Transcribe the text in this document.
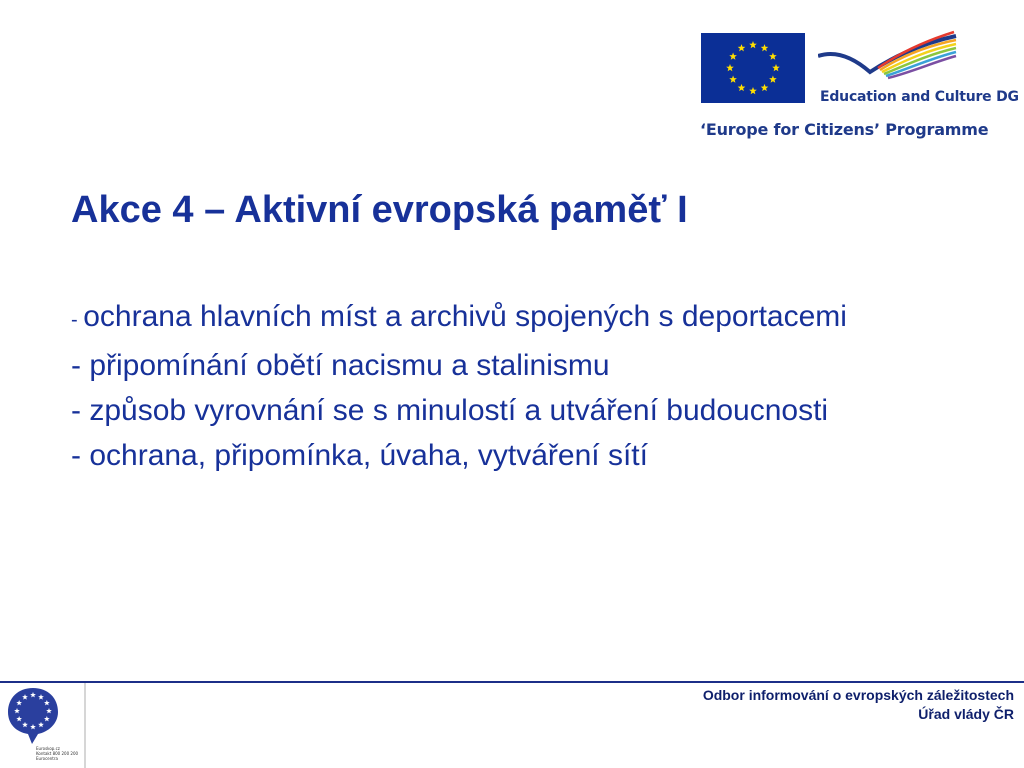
Education and Culture DG
‘Europe for Citizens’ Programme
Akce 4 – Aktivní evropská paměť I
- ochrana hlavních míst a archivů spojených s deportacemi
- připomínání obětí nacismu a stalinismu
- způsob vyrovnání se s minulostí a utváření budoucnosti
- ochrana, připomínka, úvaha, vytváření sítí
Euroskop.cz
Kontakt 800 200 200
Eurocentra
Odbor informování o evropských záležitostech
Úřad vlády ČR
